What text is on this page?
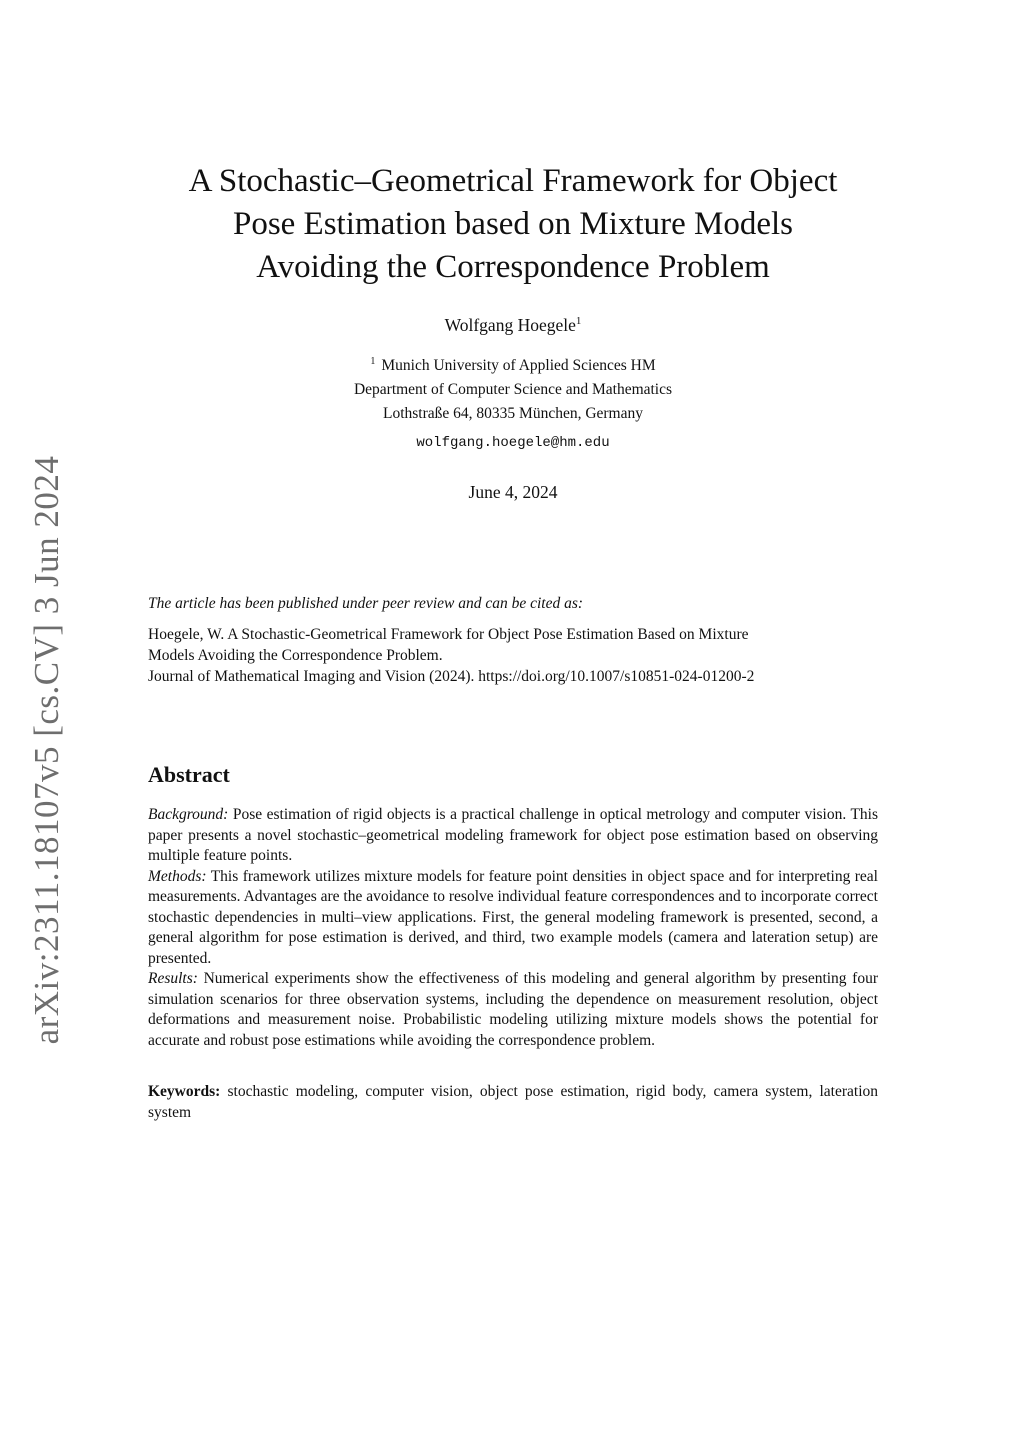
arXiv:2311.18107v5 [cs.CV] 3 Jun 2024
A Stochastic–Geometrical Framework for Object
Pose Estimation based on Mixture Models
Avoiding the Correspondence Problem
Wolfgang Hoegele$^1$
$^1$ Munich University of Applied Sciences HM
Department of Computer Science and Mathematics
Lothstraße 64, 80335 München, Germany
wolfgang.hoegele@hm.edu
June 4, 2024
The article has been published under peer review and can be cited as:
Hoegele, W. A Stochastic-Geometrical Framework for Object Pose Estimation Based on Mixture
Models Avoiding the Correspondence Problem.
Journal of Mathematical Imaging and Vision (2024). https://doi.org/10.1007/s10851-024-01200-2
Abstract

Background: Pose estimation of rigid objects is a practical challenge in optical metrology and computer vision. This paper presents a novel stochastic–geometrical modeling framework for object pose estimation based on observing multiple feature points.

Methods: This framework utilizes mixture models for feature point densities in object space and for interpreting real measurements. Advantages are the avoidance to resolve individual feature correspondences and to incorporate correct stochastic dependencies in multi–view applications. First, the general modeling framework is presented, second, a general algorithm for pose estimation is derived, and third, two example models (camera and lateration setup) are presented.

Results: Numerical experiments show the effectiveness of this modeling and general algorithm by presenting four simulation scenarios for three observation systems, including the dependence on measurement resolution, object deformations and measurement noise. Probabilistic modeling utilizing mixture models shows the potential for accurate and robust pose estimations while avoiding the correspondence problem.

Keywords: stochastic modeling, computer vision, object pose estimation, rigid body, camera system, lateration system
